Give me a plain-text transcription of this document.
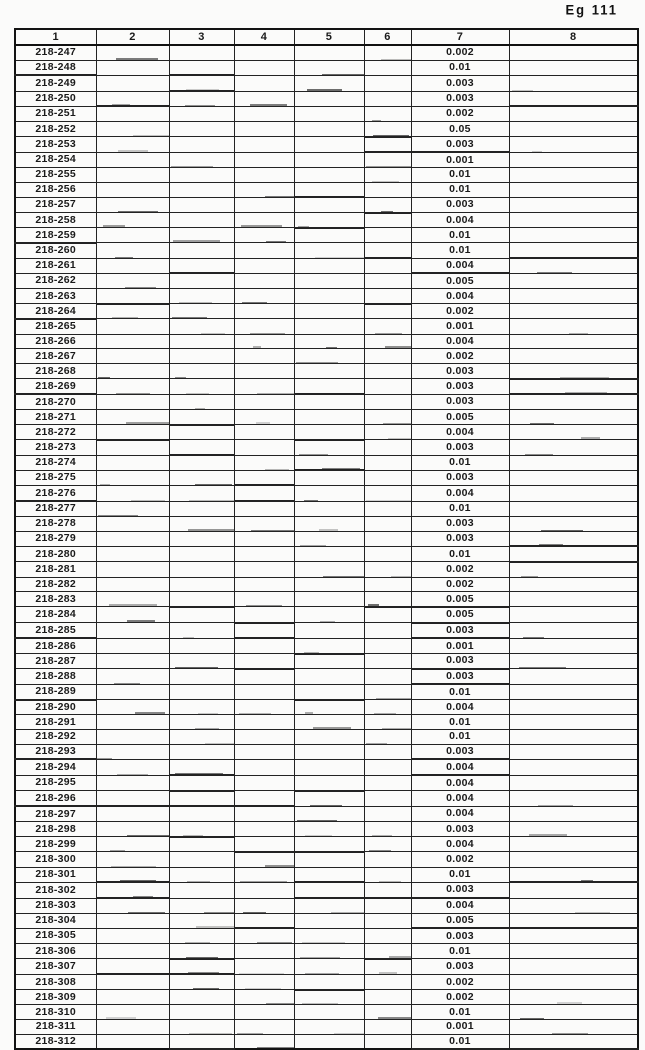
Eg 111
1	2	3	4	5	6	7	8
218-247						0.002	
218-248						0.01	

218-249						0.003	

218-250						0.003	
218-251						0.002	

218-252						0.05	

218-253						0.003	

218-254						0.001	

218-255						0.01	
218-256						0.01	

218-257						0.003	
218-258						0.004	
218-259						0.01	
218-260						0.01	
218-261						0.004	

218-262						0.005	

218-263						0.004	
218-264						0.002	

218-265						0.001	

218-266						0.004	
218-267						0.002	
218-268						0.003	

218-269						0.003	

218-270						0.003	
218-271						0.005	

218-272						0.004	

218-273						0.003	

218-274						0.01	
218-275						0.003	
218-276						0.004	

218-277						0.01	
218-278						0.003	

218-279						0.003	

218-280						0.01	

218-281						0.002	

218-282						0.002	

218-283						0.005	
218-284						0.005	
218-285						0.003	

218-286						0.001	
218-287						0.003	

218-288						0.003	
218-289						0.01	
218-290						0.004	

218-291						0.01	
218-292						0.01	

218-293						0.003	
218-294						0.004	
218-295						0.004	
218-296						0.004	

218-297						0.004	
218-298						0.003	

218-299						0.004	

218-300						0.002	
218-301						0.01	

218-302						0.003	
218-303						0.004	

218-304						0.005	

218-305						0.003	

218-306						0.01	
218-307						0.003	

218-308						0.002	

218-309						0.002	

218-310						0.01	

218-311						0.001	

218-312						0.01	
